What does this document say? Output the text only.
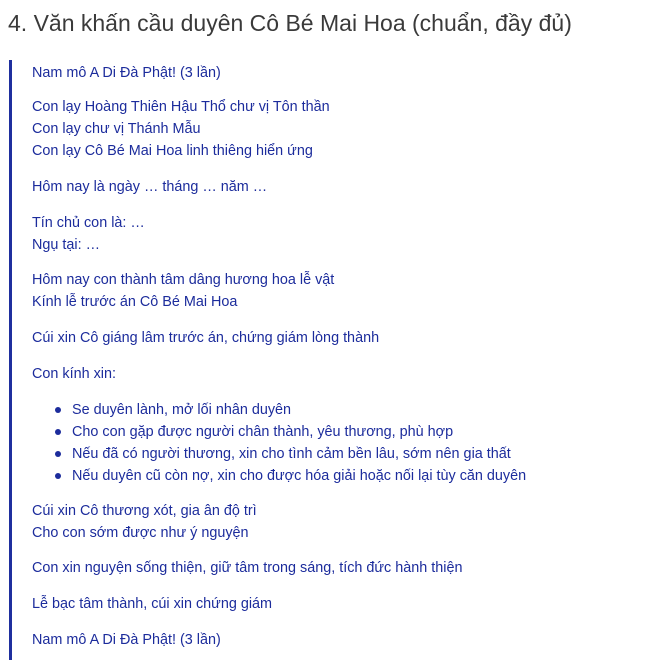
4. Văn khấn cầu duyên Cô Bé Mai Hoa (chuẩn, đầy đủ)

Nam mô A Di Đà Phật! (3 lần)

Con lạy Hoàng Thiên Hậu Thổ chư vị Tôn thần
Con lạy chư vị Thánh Mẫu
Con lạy Cô Bé Mai Hoa linh thiêng hiển ứng

Hôm nay là ngày … tháng … năm …

Tín chủ con là: …
Ngụ tại: …

Hôm nay con thành tâm dâng hương hoa lễ vật
Kính lễ trước án Cô Bé Mai Hoa

Cúi xin Cô giáng lâm trước án, chứng giám lòng thành

Con kính xin:

Se duyên lành, mở lối nhân duyên
Cho con gặp được người chân thành, yêu thương, phù hợp
Nếu đã có người thương, xin cho tình cảm bền lâu, sớm nên gia thất
Nếu duyên cũ còn nợ, xin cho được hóa giải hoặc nối lại tùy căn duyên

Cúi xin Cô thương xót, gia ân độ trì
Cho con sớm được như ý nguyện

Con xin nguyện sống thiện, giữ tâm trong sáng, tích đức hành thiện

Lễ bạc tâm thành, cúi xin chứng giám

Nam mô A Di Đà Phật! (3 lần)
